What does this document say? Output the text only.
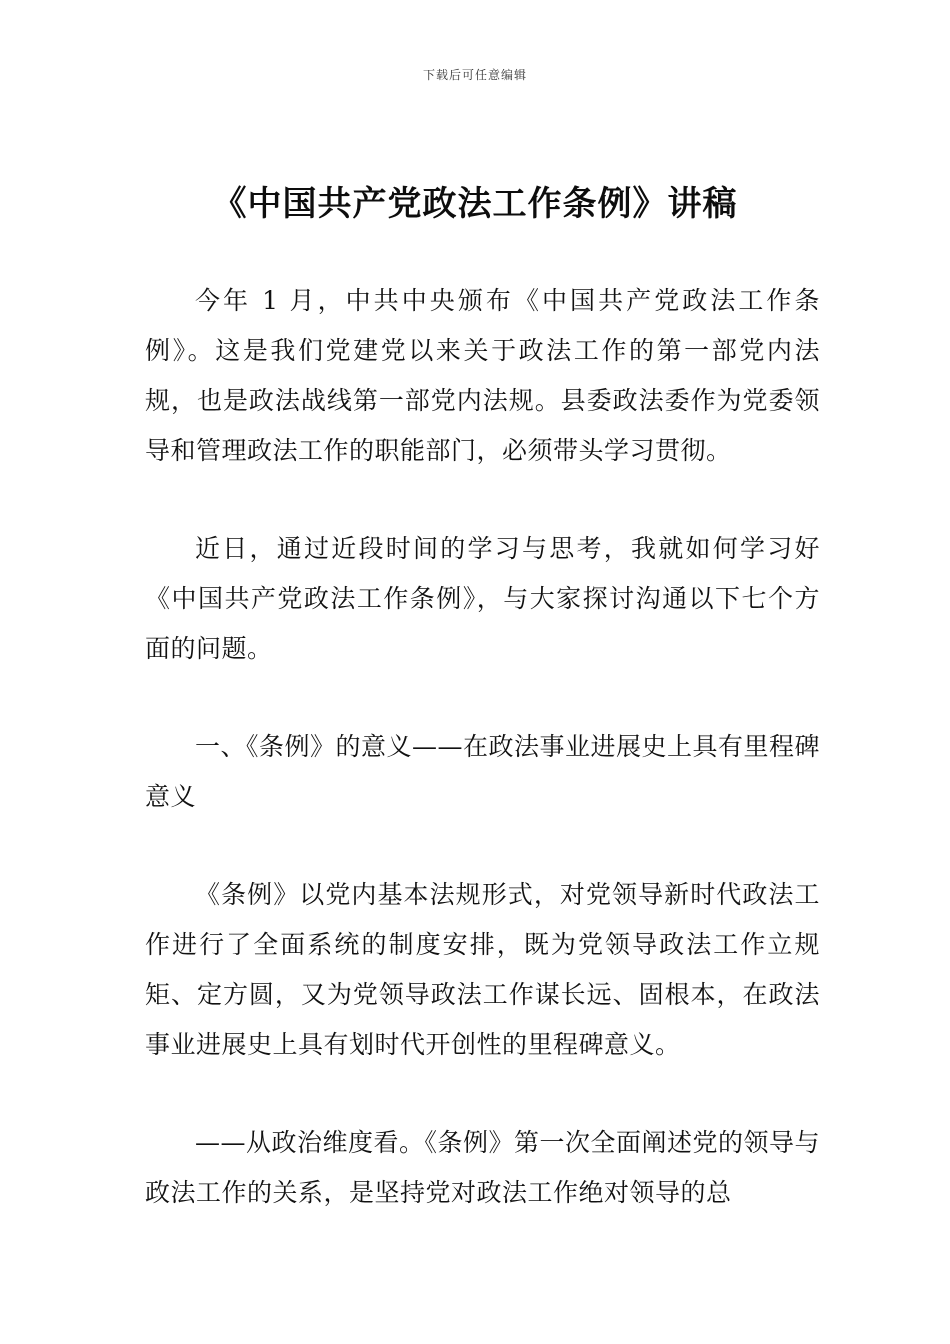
下载后可任意编辑
《中国共产党政法工作条例》讲稿

今年 1 月，中共中央颁布《中国共产党政法工作条例》。这是我们党建党以来关于政法工作的第一部党内法规，也是政法战线第一部党内法规。县委政法委作为党委领导和管理政法工作的职能部门，必须带头学习贯彻。

近日，通过近段时间的学习与思考，我就如何学习好《中国共产党政法工作条例》，与大家探讨沟通以下七个方面的问题。

一、《条例》的意义——在政法事业进展史上具有里程碑意义

《条例》以党内基本法规形式，对党领导新时代政法工作进行了全面系统的制度安排，既为党领导政法工作立规矩、定方圆，又为党领导政法工作谋长远、固根本，在政法事业进展史上具有划时代开创性的里程碑意义。

——从政治维度看。《条例》第一次全面阐述党的领导与政法工作的关系，是坚持党对政法工作绝对领导的总
